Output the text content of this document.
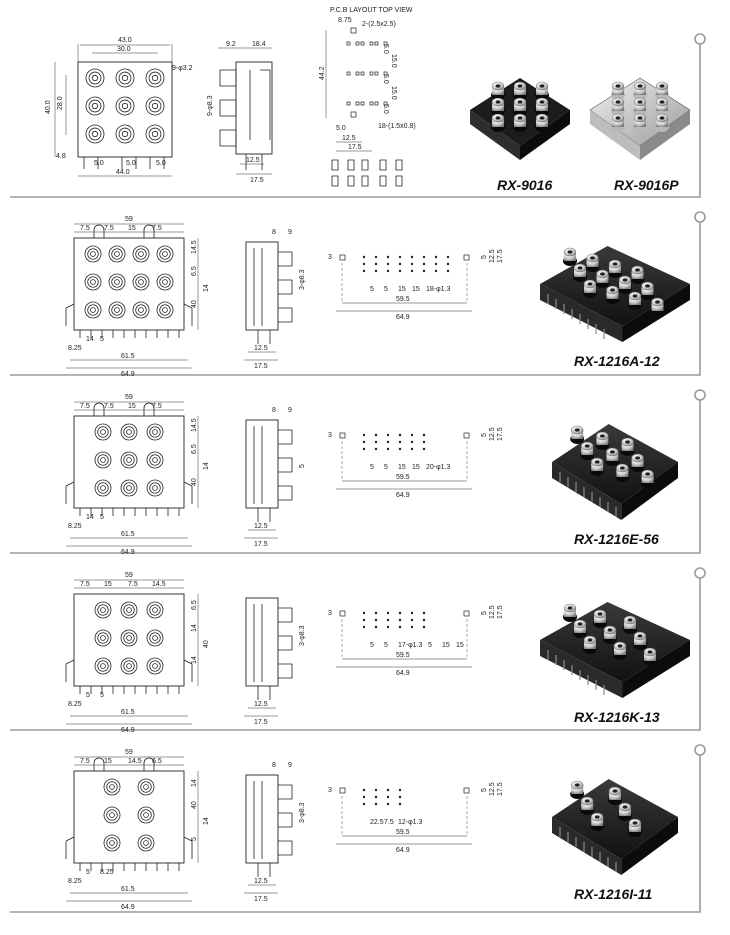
43.0
30.0
9-φ3.2
40.0 28.0
4.8
5.0	5.0	5.0
44.0
9.2 18.4
9-φ8.3
12.5
17.5
P.C.B LAYOUT TOP VIEW
8.75
2-(2.5x2.5)
44.2
15.0
15.0
5.0
5.0
5.0
5.0
12.5
17.5
18-(1.5x0.8)
RX-9016	RX-9016P
59
7.5 7.5 15 7.5
14.5
6.5
14
40
8.25
14 5
61.5
64.9
8 9
3-φ8.3
12.5
17.5
3	5 12.5 17.5
5 5 15 15 18-φ1.3
59.5
64.9
RX-1216A-12
59
7.5 7.5 15 7.5
14.5
6.5
14
40
8.25
14 5
61.5
64.9
8 9
5
12.5
17.5
3	5 12.5 17.5
5 5 15 15 20-φ1.3
59.5
64.9
RX-1216E-56
59
7.5 15 7.5 14.5
6.5
14
40
14
8.25
5 5
61.5
64.9
3-φ8.3
12.5
17.5
3	5 12.5 17.5
5 5 17-φ1.3 5 15 15
59.5
64.9
RX-1216K-13
59
7.5 15 14.5 6.5
14
40
14
5
8.25
5 8.25
61.5
64.9
8 9
3-φ8.3
12.5
17.5
3	5 12.5 17.5
22.5 7.5 12-φ1.3
59.5
64.9
RX-1216I-11
